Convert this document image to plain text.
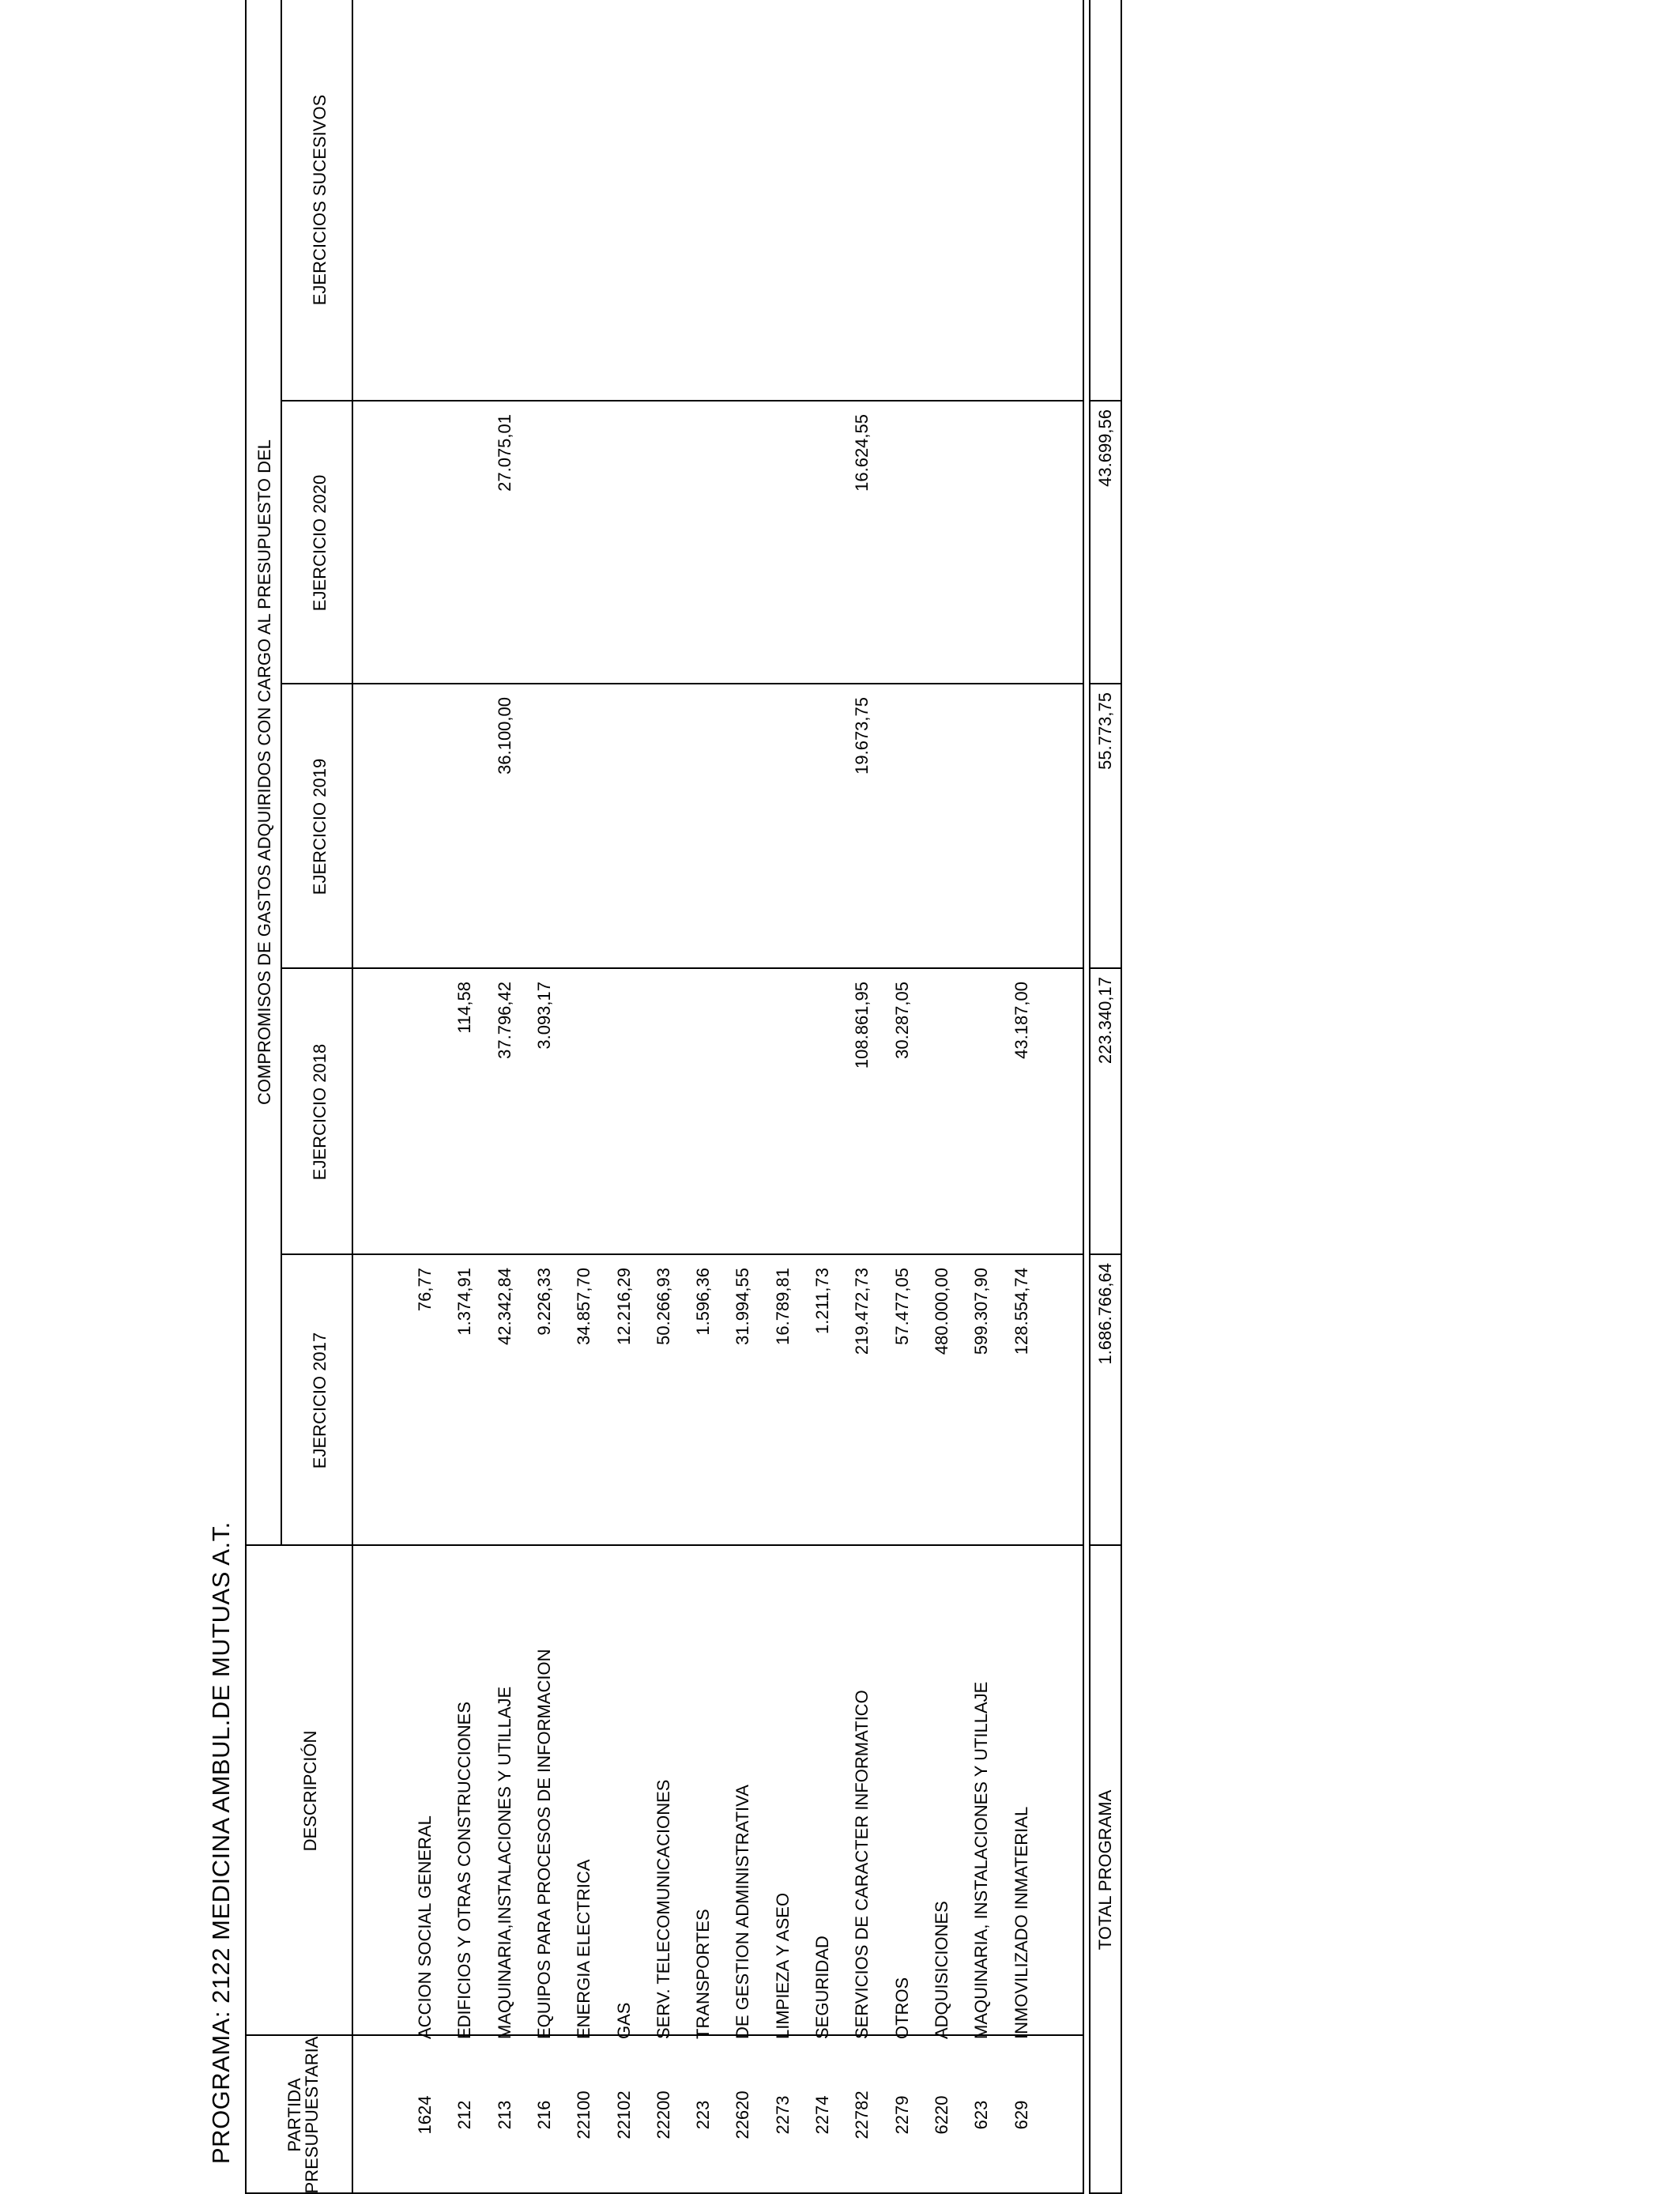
PROGRAMA: 2122 MEDICINA AMBUL.DE MUTUAS A.T.	PARTIDA
PRESUPUESTARIA
DESCRIPCIÓN
COMPROMISOS DE GASTOS ADQUIRIDOS CON CARGO AL PRESUPUESTO DEL
EJERCICIO 2017
EJERCICIO 2018
EJERCICIO 2019
EJERCICIO 2020
EJERCICIOS SUCESIVOS
1624
ACCION SOCIAL GENERAL
76,77
212
EDIFICIOS Y OTRAS CONSTRUCCIONES
1.374,91
114,58
213
MAQUINARIA,INSTALACIONES Y UTILLAJE
42.342,84
37.796,42
36.100,00
27.075,01
216
EQUIPOS PARA PROCESOS DE INFORMACION
9.226,33
3.093,17
22100
ENERGIA ELECTRICA
34.857,70
22102
GAS
12.216,29
22200
SERV. TELECOMUNICACIONES
50.266,93
223
TRANSPORTES
1.596,36
22620
DE GESTION ADMINISTRATIVA
31.994,55
2273
LIMPIEZA Y ASEO
16.789,81
2274
SEGURIDAD
1.211,73
22782
SERVICIOS DE CARACTER INFORMATICO
219.472,73
108.861,95
19.673,75
16.624,55
2279
OTROS
57.477,05
30.287,05
6220
ADQUISICIONES
480.000,00
623
MAQUINARIA, INSTALACIONES Y UTILLAJE
599.307,90
629
INMOVILIZADO INMATERIAL
128.554,74
43.187,00
TOTAL PROGRAMA
1.686.766,64
223.340,17
55.773,75
43.699,56
